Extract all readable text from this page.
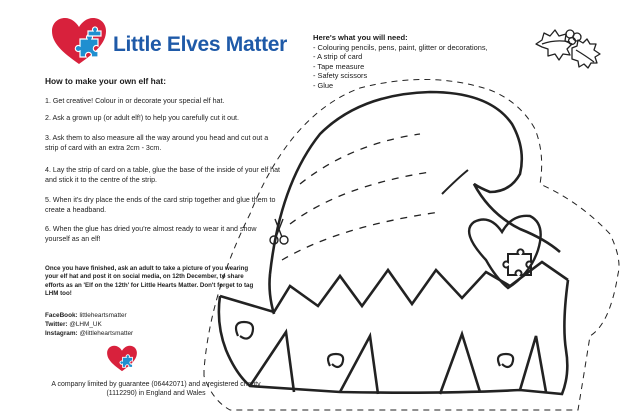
Little Elves Matter
How to make your own elf hat:
1. Get creative! Colour in or decorate your special elf hat.
2. Ask a grown up (or adult elf!) to help you carefully cut it out.
3. Ask them to also measure all the way around you head and cut out a strip of card with an extra 2cm - 3cm.
4. Lay the strip of card on a table, glue the base of the inside of your elf hat and stick it to the centre of the strip.
5. When it's dry place the ends of the card strip together and glue them to create a headband.
6. When the glue has dried you're almost ready to wear it and show yourself as an elf!
Once you have finished, ask an adult to take a picture of you wearing your elf hat and post it on social media, on 12th December, to share efforts as an 'Elf on the 12th' for Little Hearts Matter. Don't forget to tag LHM too!
FaceBook: littleheartsmatter
Twitter: @LHM_UK
Instagram: @littleheartsmatter
A company limited by guarantee (06442071) and a registered charity (1112290) in England and Wales
Here's what you will need:
- Colouring pencils, pens, paint, glitter or decorations,
- A strip of card
- Tape measure
- Safety scissors
- Glue
